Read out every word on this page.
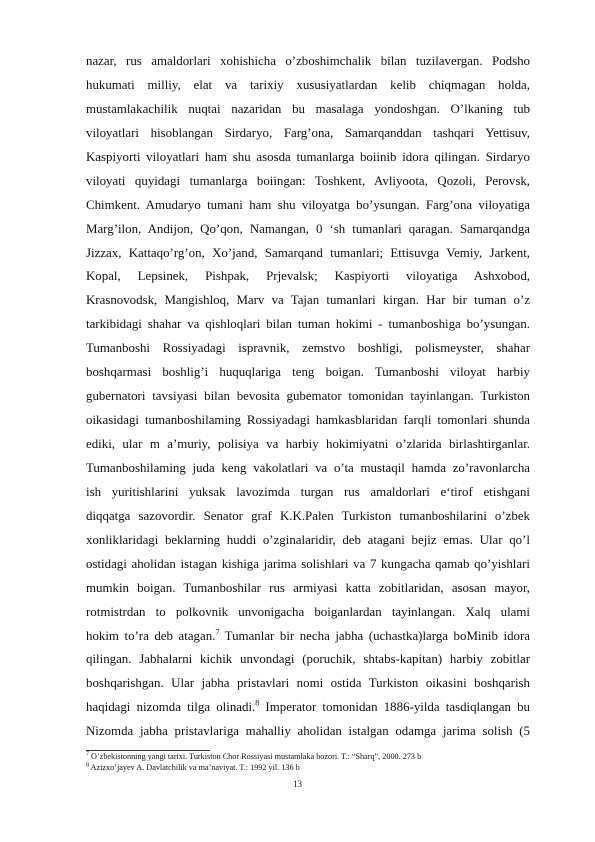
nazar, rus amaldorlari xohishicha o’zboshimchalik bilan tuzilavergan. Podsho
hukumati milliy, elat va tarixiy xususiyatlardan kelib chiqmagan holda,
mustamlakachilik nuqtai nazaridan bu masalaga yondoshgan. O’lkaning tub
viloyatlari hisoblangan Sirdaryo, Farg’ona, Samarqanddan tashqari Yettisuv,
Kaspiyorti viloyatlari ham shu asosda tumanlarga boiinib idora qilingan. Sirdaryo
viloyati quyidagi tumanlarga boiingan: Toshkent, Avliyoota, Qozoli, Perovsk,
Chimkent. Amudaryo tumani ham shu viloyatga bo’ysungan. Farg’ona viloyatiga
Marg’ilon, Andijon, Qo’qon, Namangan, 0 ‘sh tumanlari qaragan. Samarqandga
Jizzax, Kattaqo’rg’on, Xo’jand, Samarqand tumanlari; Ettisuvga Vemiy, Jarkent,
Kopal, Lepsinek, Pishpak, Prjevalsk; Kaspiyorti viloyatiga Ashxobod,
Krasnovodsk, Mangishloq, Marv va Tajan tumanlari kirgan. Har bir tuman o’z
tarkibidagi shahar va qishloqlari bilan tuman hokimi - tumanboshiga bo’ysungan.
Tumanboshi Rossiyadagi ispravnik, zemstvo boshligi, polismeyster, shahar
boshqarmasi boshlig’i huquqlariga teng boigan. Tumanboshi viloyat harbiy
gubernatori tavsiyasi bilan bevosita gubemator tomonidan tayinlangan. Turkiston
oikasidagi tumanboshilaming Rossiyadagi hamkasblaridan farqli tomonlari shunda
ediki, ular m a’muriy, polisiya va harbiy hokimiyatni o’zlarida birlashtirganlar.
Tumanboshilaming juda keng vakolatlari va o’ta mustaqil hamda zo’ravonlarcha
ish yuritishlarini yuksak lavozimda turgan rus amaldorlari e‘tirof etishgani
diqqatga sazovordir. Senator graf K.K.Palen Turkiston tumanboshilarini o’zbek
xonliklaridagi beklarning huddi o’zginalaridir, deb atagani bejiz emas. Ular qo’l
ostidagi aholidan istagan kishiga jarima solishlari va 7 kungacha qamab qo’yishlari
mumkin boigan. Tumanboshilar rus armiyasi katta zobitlaridan, asosan mayor,
rotmistrdan to polkovnik unvonigacha boiganlardan tayinlangan. Xalq ulami
hokim to’ra deb atagan.$^7$ Tumanlar bir necha jabha (uchastka)larga boMinib idora
qilingan. Jabhalarni kichik unvondagi (poruchik, shtabs-kapitan) harbiy zobitlar
boshqarishgan. Ular jabha pristavlari nomi ostida Turkiston oikasini boshqarish
haqidagi nizomda tilga olinadi.$^8$ Imperator tomonidan 1886-yilda tasdiqlangan bu
Nizomda jabha pristavlariga mahalliy aholidan istalgan odamga jarima solish (5
$^7$ O’zbekistonning yangi tarixi. Turkiston Chor Rossiyasi mustamlaka bozori. T.: “Sharq”, 2000. 273 b
$^8$ Azizxo’jayev A. Davlatchilik va ma’naviyat. T.: 1992 yil. 136 b
13
